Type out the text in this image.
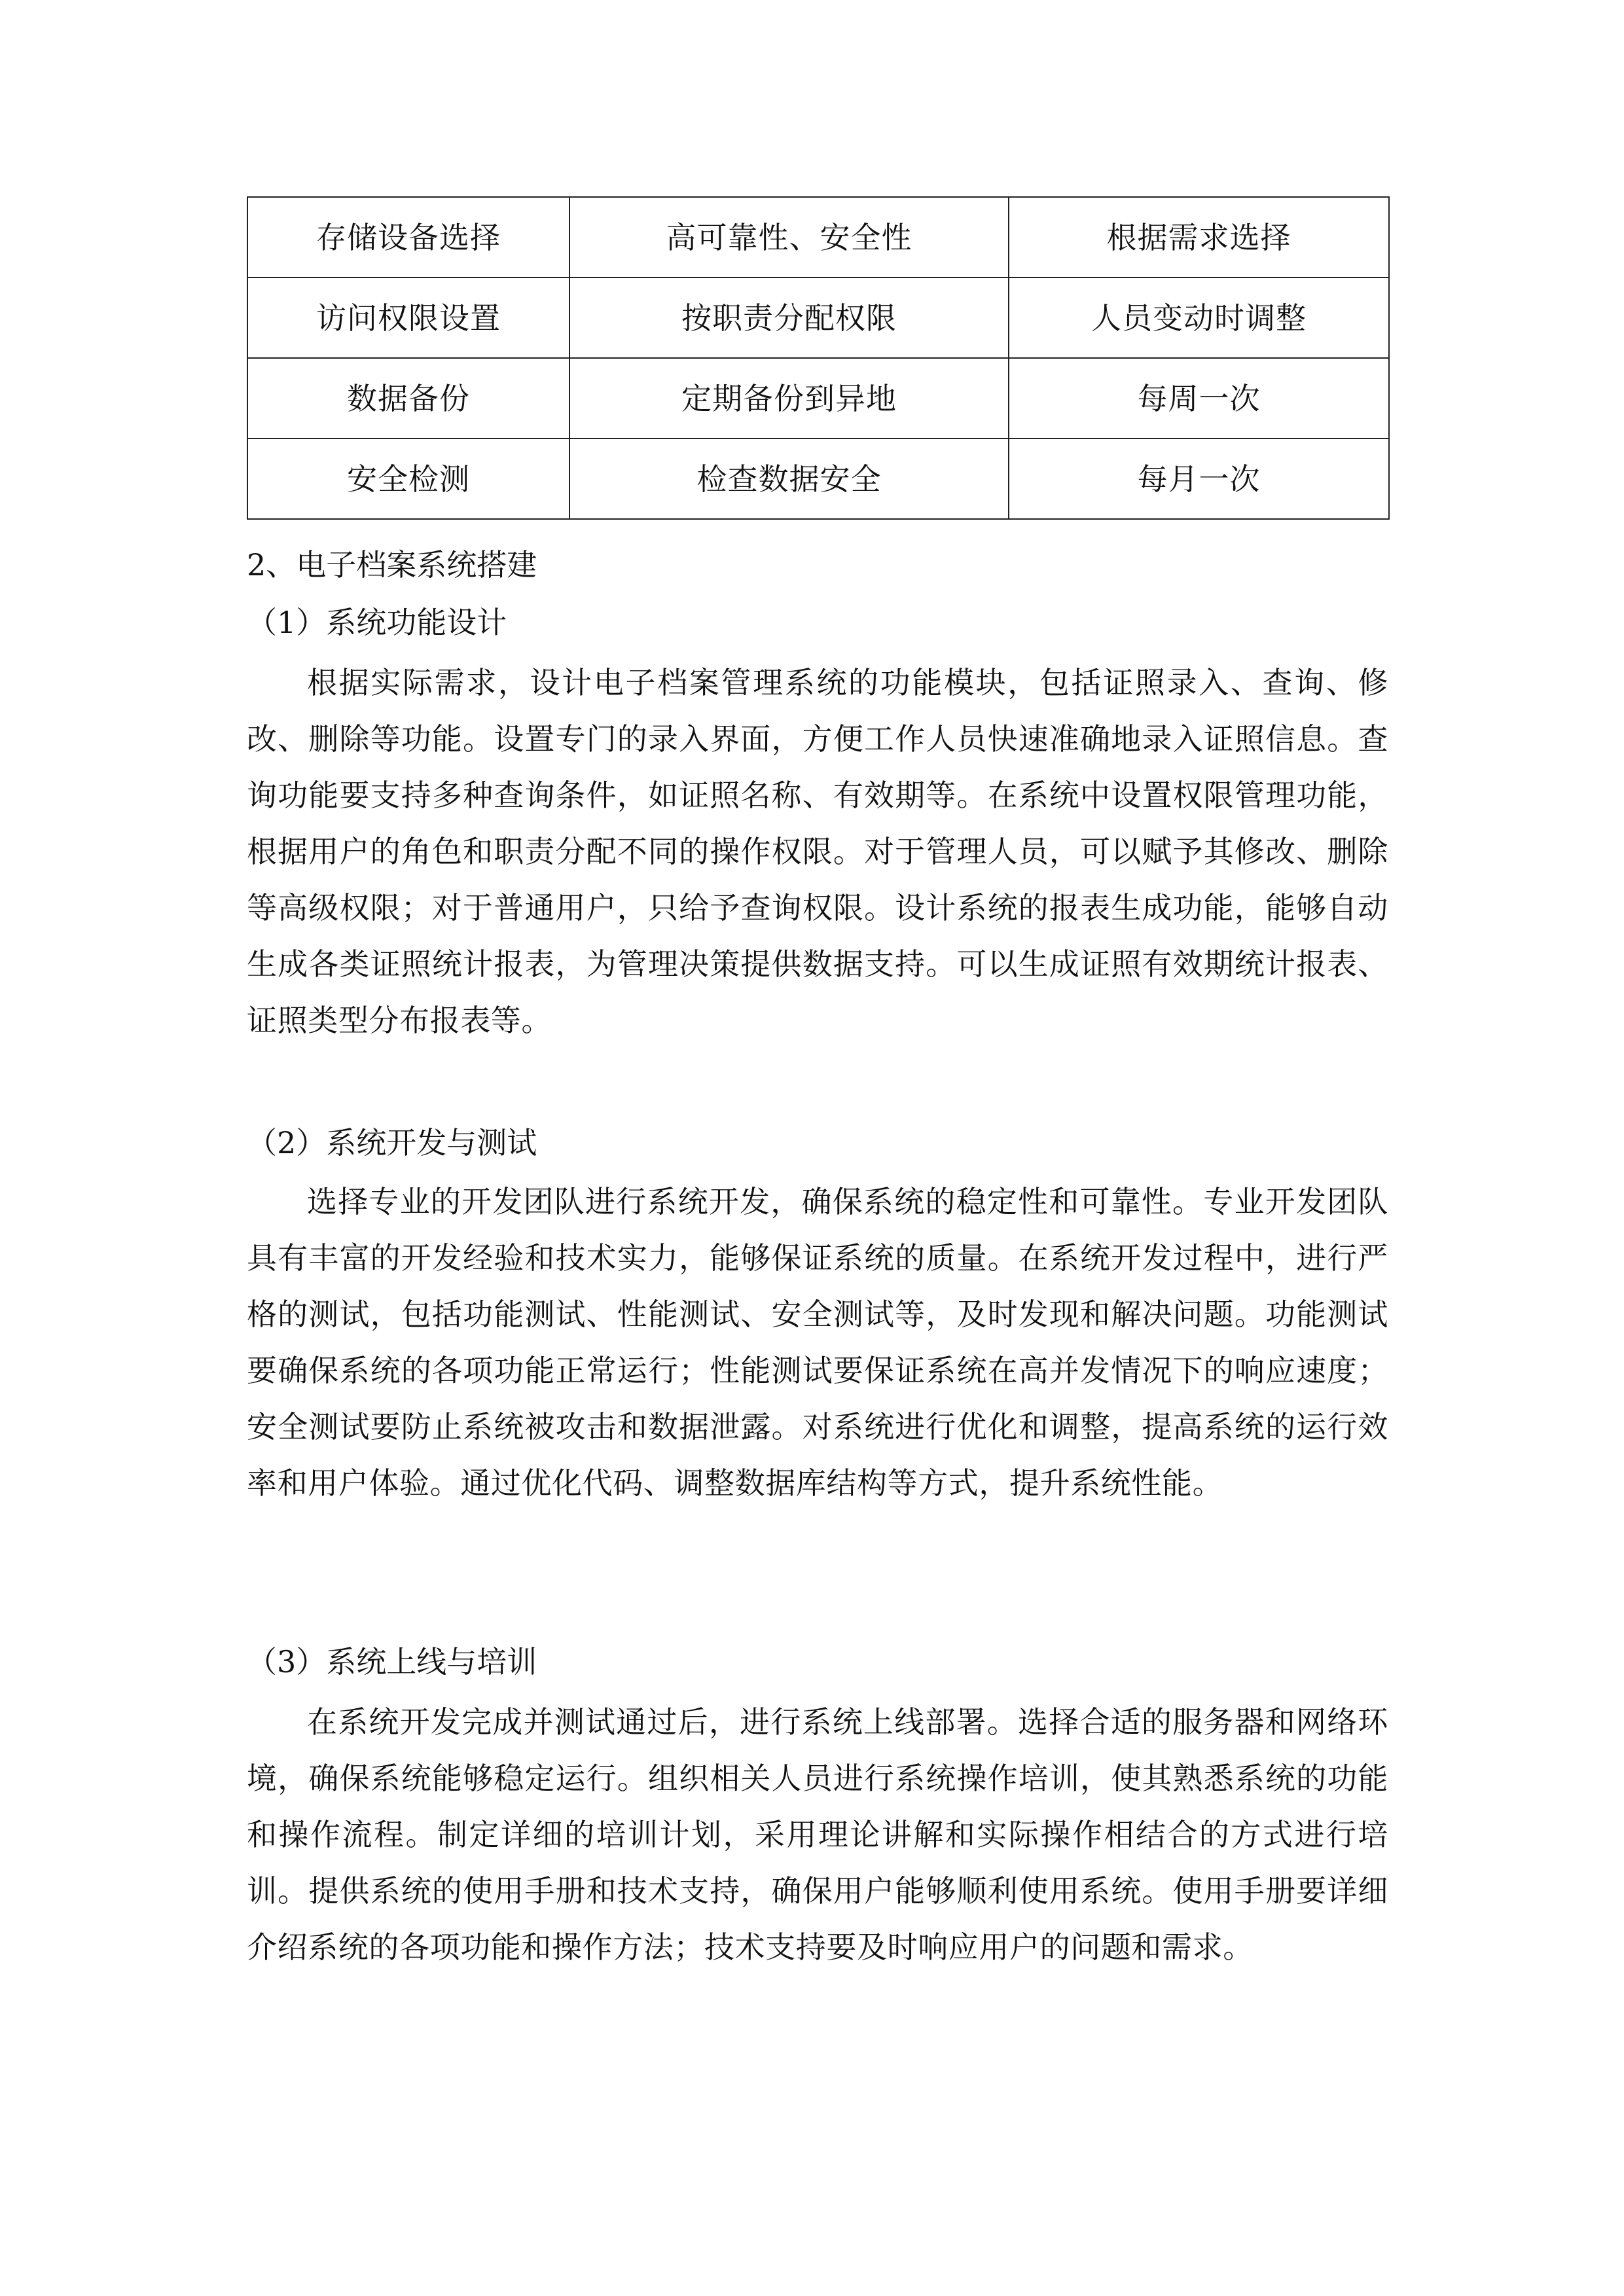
存储设备选择	高可靠性、安全性	根据需求选择
访问权限设置	按职责分配权限	人员变动时调整
数据备份	定期备份到异地	每周一次
安全检测	检查数据安全	每月一次
2、电子档案系统搭建
（1）系统功能设计

根据实际需求，设计电子档案管理系统的功能模块，包括证照录入、查询、修改、删除等功能。设置专门的录入界面，方便工作人员快速准确地录入证照信息。查询功能要支持多种查询条件，如证照名称、有效期等。在系统中设置权限管理功能，根据用户的角色和职责分配不同的操作权限。对于管理人员，可以赋予其修改、删除等高级权限；对于普通用户，只给予查询权限。设计系统的报表生成功能，能够自动生成各类证照统计报表，为管理决策提供数据支持。可以生成证照有效期统计报表、证照类型分布报表等。

（2）系统开发与测试

选择专业的开发团队进行系统开发，确保系统的稳定性和可靠性。专业开发团队具有丰富的开发经验和技术实力，能够保证系统的质量。在系统开发过程中，进行严格的测试，包括功能测试、性能测试、安全测试等，及时发现和解决问题。功能测试要确保系统的各项功能正常运行；性能测试要保证系统在高并发情况下的响应速度；安全测试要防止系统被攻击和数据泄露。对系统进行优化和调整，提高系统的运行效率和用户体验。通过优化代码、调整数据库结构等方式，提升系统性能。

（3）系统上线与培训

在系统开发完成并测试通过后，进行系统上线部署。选择合适的服务器和网络环境，确保系统能够稳定运行。组织相关人员进行系统操作培训，使其熟悉系统的功能和操作流程。制定详细的培训计划，采用理论讲解和实际操作相结合的方式进行培训。提供系统的使用手册和技术支持，确保用户能够顺利使用系统。使用手册要详细介绍系统的各项功能和操作方法；技术支持要及时响应用户的问题和需求。
